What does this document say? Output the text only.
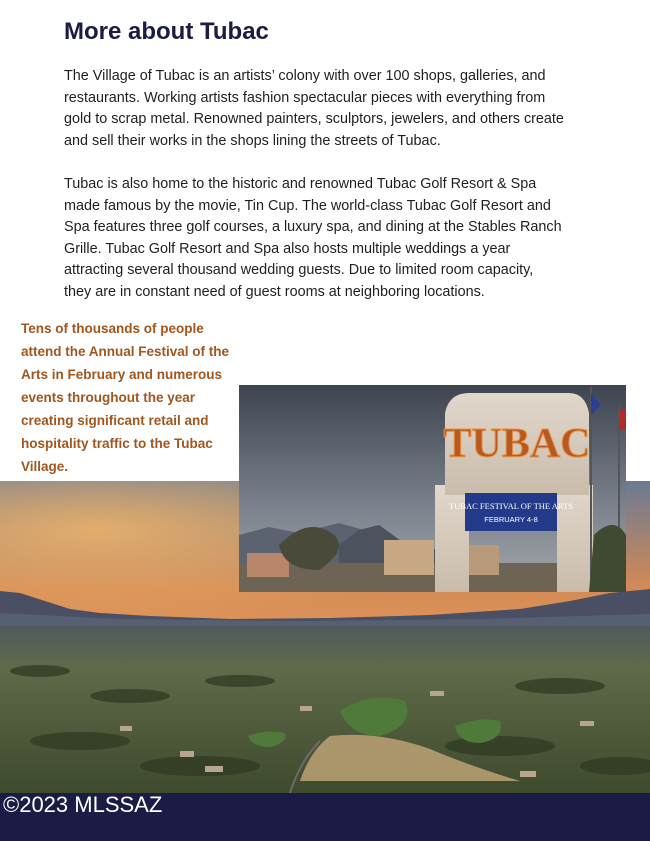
More about Tubac

The Village of Tubac is an artists’ colony with over 100 shops, galleries, and restaurants. Working artists fashion spectacular pieces with everything from gold to scrap metal. Renowned painters, sculptors, jewelers, and others create and sell their works in the shops lining the streets of Tubac.

Tubac is also home to the historic and renowned Tubac Golf Resort & Spa made famous by the movie, Tin Cup. The world-class Tubac Golf Resort and Spa features three golf courses, a luxury spa, and dining at the Stables Ranch Grille. Tubac Golf Resort and Spa also hosts multiple weddings a year attracting several thousand wedding guests. Due to limited room capacity, they are in constant need of guest rooms at neighboring locations.

TUBAC
TUBAC FESTIVAL OF THE ARTS
FEBRUARY 4-8

Tens of thousands of people attend the Annual Festival of the Arts in February and numerous events throughout the year creating significant retail and hospitality traffic to the Tubac Village.

©2023 MLSSAZ
